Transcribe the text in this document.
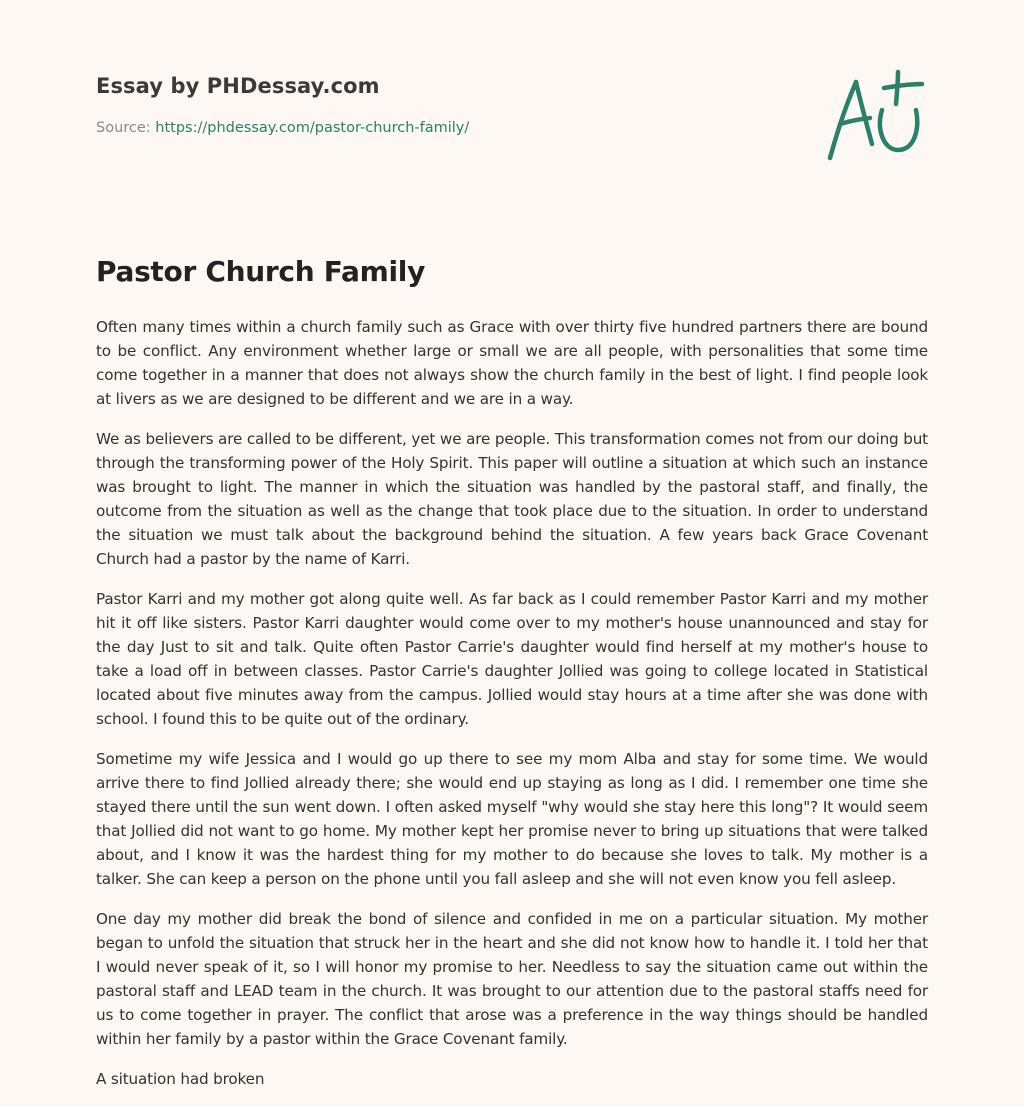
Essay by PHDessay.com
Source: https://phdessay.com/pastor-church-family/
Pastor Church Family

Often many times within a church family such as Grace with over thirty five hundred partners there are bound to be conflict. Any environment whether large or small we are all people, with personalities that some time come together in a manner that does not always show the church family in the best of light. I find people look at livers as we are designed to be different and we are in a way.

We as believers are called to be different, yet we are people. This transformation comes not from our doing but through the transforming power of the Holy Spirit. This paper will outline a situation at which such an instance was brought to light. The manner in which the situation was handled by the pastoral staff, and finally, the outcome from the situation as well as the change that took place due to the situation. In order to understand the situation we must talk about the background behind the situation. A few years back Grace Covenant Church had a pastor by the name of Karri.

Pastor Karri and my mother got along quite well. As far back as I could remember Pastor Karri and my mother hit it off like sisters. Pastor Karri daughter would come over to my mother's house unannounced and stay for the day Just to sit and talk. Quite often Pastor Carrie's daughter would find herself at my mother's house to take a load off in between classes. Pastor Carrie's daughter Jollied was going to college located in Statistical located about five minutes away from the campus. Jollied would stay hours at a time after she was done with school. I found this to be quite out of the ordinary.

Sometime my wife Jessica and I would go up there to see my mom Alba and stay for some time. We would arrive there to find Jollied already there; she would end up staying as long as I did. I remember one time she stayed there until the sun went down. I often asked myself "why would she stay here this long"? It would seem that Jollied did not want to go home. My mother kept her promise never to bring up situations that were talked about, and I know it was the hardest thing for my mother to do because she loves to talk. My mother is a talker. She can keep a person on the phone until you fall asleep and she will not even know you fell asleep.

One day my mother did break the bond of silence and confided in me on a particular situation. My mother began to unfold the situation that struck her in the heart and she did not know how to handle it. I told her that I would never speak of it, so I will honor my promise to her. Needless to say the situation came out within the pastoral staff and LEAD team in the church. It was brought to our attention due to the pastoral staffs need for us to come together in prayer. The conflict that arose was a preference in the way things should be handled within her family by a pastor within the Grace Covenant family.

A situation had broken
